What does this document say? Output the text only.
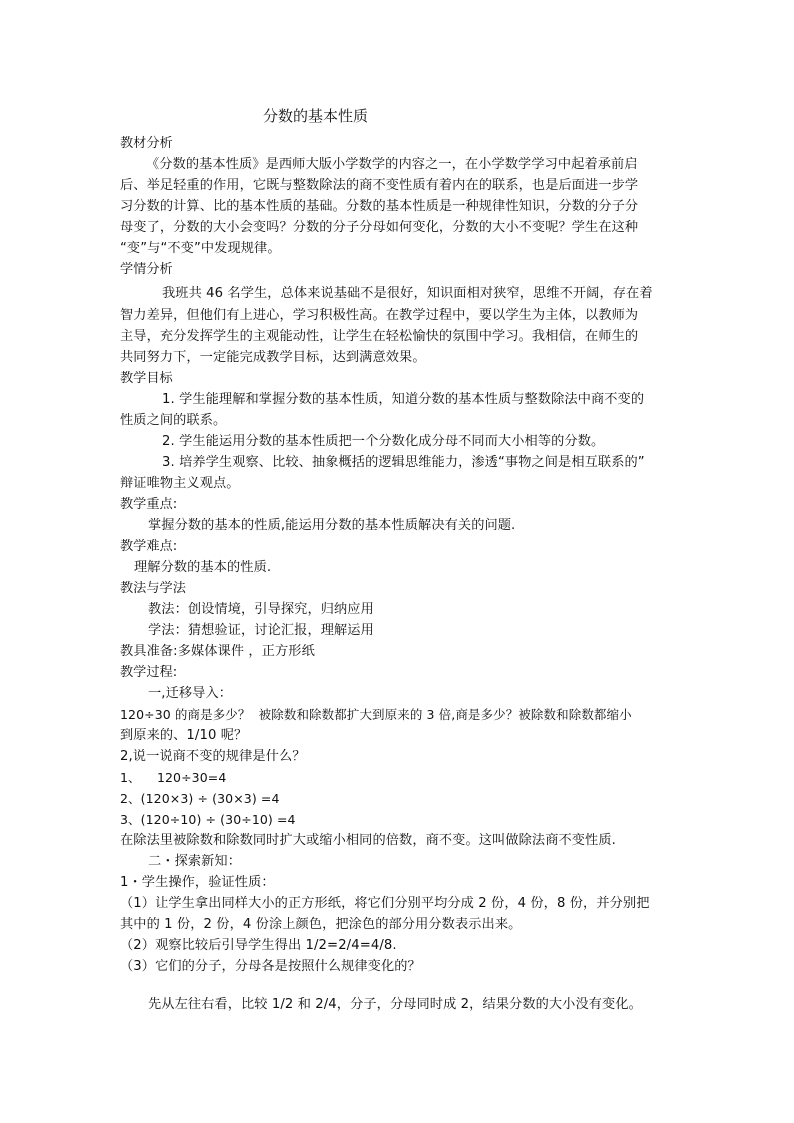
分数的基本性质
教材分析
《分数的基本性质》是西师大版小学数学的内容之一，在小学数学学习中起着承前启
后、举足轻重的作用，它既与整数除法的商不变性质有着内在的联系，也是后面进一步学
习分数的计算、比的基本性质的基础。分数的基本性质是一种规律性知识，分数的分子分
母变了，分数的大小会变吗？分数的分子分母如何变化，分数的大小不变呢？学生在这种
“变”与“不变”中发现规律。
学情分析
我班共 46 名学生，总体来说基础不是很好，知识面相对狭窄，思维不开阔，存在着
智力差异，但他们有上进心，学习积极性高。在教学过程中，要以学生为主体，以教师为
主导，充分发挥学生的主观能动性，让学生在轻松愉快的氛围中学习。我相信，在师生的
共同努力下，一定能完成教学目标，达到满意效果。
教学目标
1. 学生能理解和掌握分数的基本性质，知道分数的基本性质与整数除法中商不变的
性质之间的联系。
2. 学生能运用分数的基本性质把一个分数化成分母不同而大小相等的分数。
3. 培养学生观察、比较、抽象概括的逻辑思维能力，渗透“事物之间是相互联系的”
辩证唯物主义观点。
教学重点:
掌握分数的基本的性质,能运用分数的基本性质解决有关的问题.
教学难点:
理解分数的基本的性质.
教法与学法
教法：创设情境，引导探究，归纳应用
学法：猜想验证，讨论汇报，理解运用
教具准备:多媒体课件 ，正方形纸
教学过程:
一,迁移导入：
120÷30 的商是多少？  被除数和除数都扩大到原来的 3 倍,商是多少？被除数和除数都缩小
到原来的、1/10 呢？
2,说一说商不变的规律是什么？
1、    120÷30=4
2、(120×3) ÷ (30×3) =4
3、(120÷10) ÷ (30÷10) =4
在除法里被除数和除数同时扩大或缩小相同的倍数，商不变。这叫做除法商不变性质.
二・探索新知：
1・学生操作，验证性质：
（1）让学生拿出同样大小的正方形纸，将它们分别平均分成 2 份，4 份，8 份，并分别把
其中的 1 份，2 份，4 份涂上颜色，把涂色的部分用分数表示出来。
（2）观察比较后引导学生得出 1/2=2/4=4/8.
（3）它们的分子，分母各是按照什么规律变化的？
先从左往右看，比较 1/2 和 2/4，分子，分母同时成 2，结果分数的大小没有变化。
